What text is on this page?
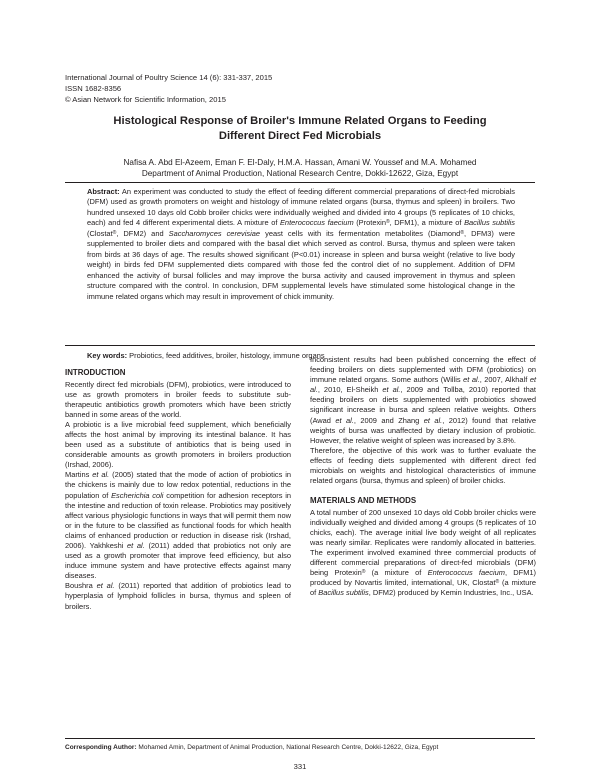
International Journal of Poultry Science 14 (6): 331-337, 2015
ISSN 1682-8356
© Asian Network for Scientific Information, 2015
Histological Response of Broiler's Immune Related Organs to Feeding
Different Direct Fed Microbials
Nafisa A. Abd El-Azeem, Eman F. El-Daly, H.M.A. Hassan, Amani W. Youssef and M.A. Mohamed
Department of Animal Production, National Research Centre, Dokki-12622, Giza, Egypt

Abstract: An experiment was conducted to study the effect of feeding different commercial preparations of direct-fed microbials (DFM) used as growth promoters on weight and histology of immune related organs (bursa, thymus and spleen) in broilers. Two hundred unsexed 10 days old Cobb broiler chicks were individually weighed and divided into 4 groups (5 replicates of 10 chicks, each) and fed 4 different experimental diets. A mixture of Enterococcus faecium (Protexin®, DFM1), a mixture of Bacillus subtilis (Clostat®, DFM2) and Saccharomyces cerevisiae yeast cells with its fermentation metabolites (Diamond®, DFM3) were supplemented to broiler diets and compared with the basal diet which served as control. Bursa, thymus and spleen were taken from birds at 36 days of age. The results showed significant (P<0.01) increase in spleen and bursa weight (relative to live body weight) in birds fed DFM supplemented diets compared with those fed the control diet of no supplement. Addition of DFM enhanced the activity of bursal follicles and may improve the bursa activity and caused improvement in thymus and spleen structure compared with the control. In conclusion, DFM supplemental levels have stimulated some histological change in the immune related organs which may result in improvement of chick immunity.

Key words: Probiotics, feed additives, broiler, histology, immune organs

INTRODUCTION

Recently direct fed microbials (DFM), probiotics, were introduced to use as growth promoters in broiler feeds to substitute sub-therapeutic antibiotics growth promoters which have been strictly banned in some areas of the world.

A probiotic is a live microbial feed supplement, which beneficially affects the host animal by improving its intestinal balance. It has been used as a substitute of antibiotics that is being used in considerable amounts as growth promoters in broilers production (Irshad, 2006).

Martins et al. (2005) stated that the mode of action of probiotics in the chickens is mainly due to low redox potential, reductions in the population of Escherichia coli competition for adhesion receptors in the intestine and reduction of toxin release. Probiotics may positively affect various physiologic functions in ways that will permit them now or in the future to be classified as functional foods for which health claims of enhanced production or reduction in disease risk (Irshad, 2006). Yakhkeshi et al. (2011) added that probiotics not only are used as a growth promoter that improve feed efficiency, but also induce immune system and have protective effects against many diseases.

Boushra et al. (2011) reported that addition of probiotics lead to hyperplasia of lymphoid follicles in bursa, thymus and spleen of broilers.

Inconsistent results had been published concerning the effect of feeding broilers on diets supplemented with DFM (probiotics) on immune related organs. Some authors (Willis et al., 2007, Alkhalf et al., 2010, El-Sheikh et al., 2009 and Tollba, 2010) reported that feeding broilers on diets supplemented with probiotics showed significant increase in bursa and spleen relative weights. Others (Awad et al., 2009 and Zhang et al., 2012) found that relative weights of bursa was unaffected by dietary inclusion of probiotic. However, the relative weight of spleen was increased by 3.8%.

Therefore, the objective of this work was to further evaluate the effects of feeding diets supplemented with different direct fed microbials on weights and histological characteristics of immune related organs (bursa, thymus and spleen) of broiler chicks.

MATERIALS AND METHODS

A total number of 200 unsexed 10 days old Cobb broiler chicks were individually weighed and divided among 4 groups (5 replicates of 10 chicks, each). The average initial live body weight of all replicates was nearly similar. Replicates were randomly allocated in batteries. The experiment involved examined three commercial products of different commercial preparations of direct-fed microbials (DFM) being Protexin® (a mixture of Enterococcus faecium, DFM1) produced by Novartis limited, international, UK, Clostat® (a mixture of Bacillus subtilis, DFM2) produced by Kemin Industries, Inc., USA.

Corresponding Author: Mohamed Amin, Department of Animal Production, National Research Centre, Dokki-12622, Giza, Egypt
331
